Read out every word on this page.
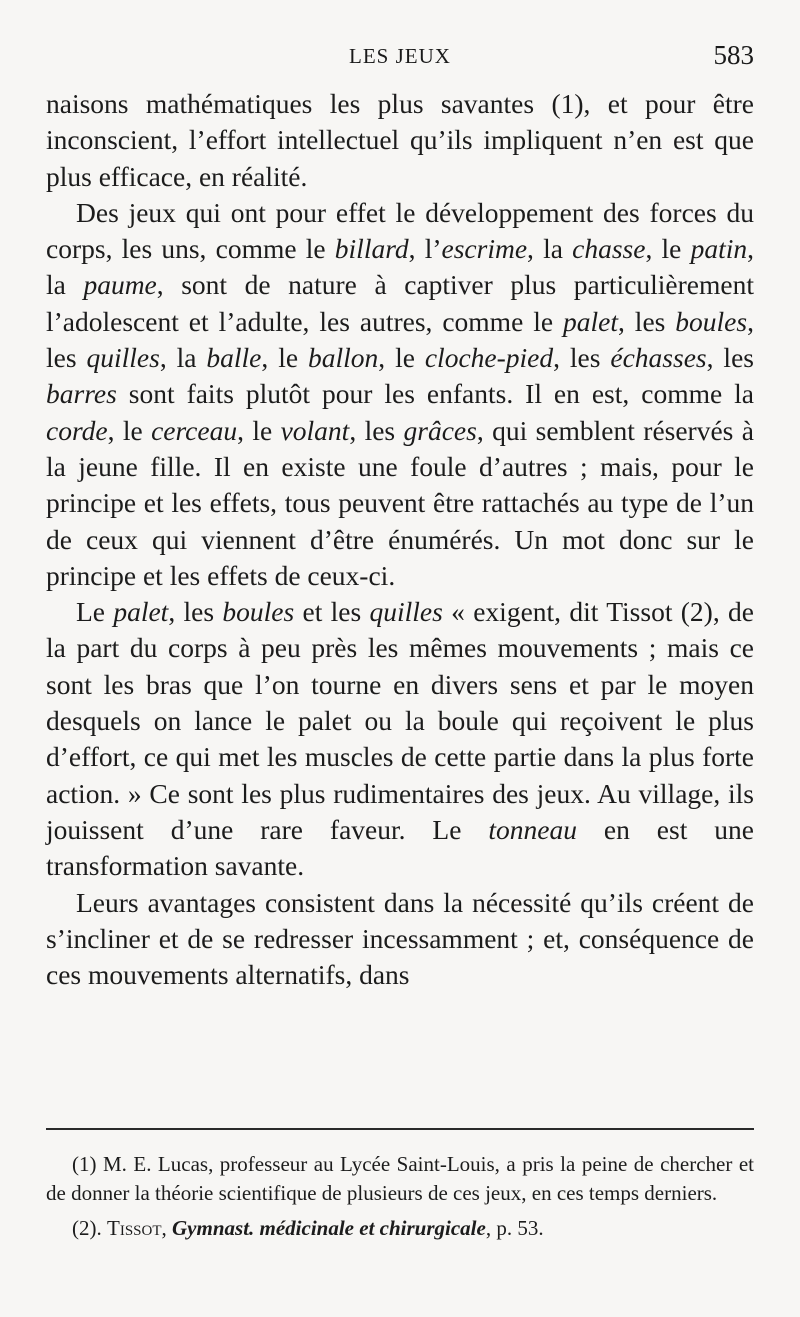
LES JEUX	583

naisons mathématiques les plus savantes (1), et pour être inconscient, l’effort intellectuel qu’ils impliquent n’en est que plus efficace, en réalité.

Des jeux qui ont pour effet le développement des forces du corps, les uns, comme le billard, l’escrime, la chasse, le patin, la paume, sont de nature à captiver plus particulièrement l’adolescent et l’adulte, les autres, comme le palet, les boules, les quilles, la balle, le ballon, le cloche-pied, les échasses, les barres sont faits plutôt pour les enfants. Il en est, comme la corde, le cerceau, le volant, les grâces, qui semblent réservés à la jeune fille. Il en existe une foule d’autres ; mais, pour le principe et les effets, tous peuvent être rattachés au type de l’un de ceux qui viennent d’être énumérés. Un mot donc sur le principe et les effets de ceux-ci.

Le palet, les boules et les quilles « exigent, dit Tissot (2), de la part du corps à peu près les mêmes mouvements ; mais ce sont les bras que l’on tourne en divers sens et par le moyen desquels on lance le palet ou la boule qui reçoivent le plus d’effort, ce qui met les muscles de cette partie dans la plus forte action. » Ce sont les plus rudimentaires des jeux. Au village, ils jouissent d’une rare faveur. Le tonneau en est une transformation savante.

Leurs avantages consistent dans la nécessité qu’ils créent de s’incliner et de se redresser incessamment ; et, conséquence de ces mouvements alternatifs, dans

(1) M. E. Lucas, professeur au Lycée Saint-Louis, a pris la peine de chercher et de donner la théorie scientifique de plusieurs de ces jeux, en ces temps derniers.

(2). Tissot, Gymnast. médicinale et chirurgicale, p. 53.
